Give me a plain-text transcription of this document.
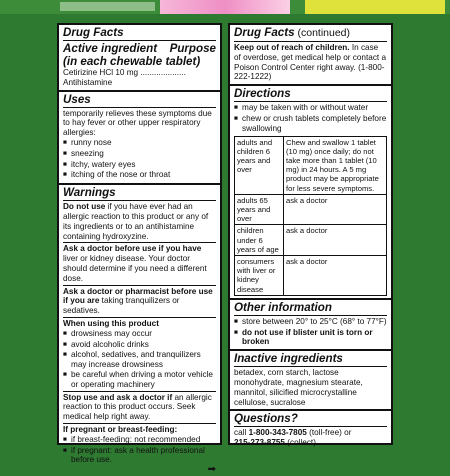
Drug Facts
Active ingredient Purpose
(in each chewable tablet)
Cetirizine HCl 10 mg .................... Antihistamine
Uses

temporarily relieves these symptoms due to hay fever or other upper respiratory allergies:

■
runny nose
■
sneezing
■
itchy, watery eyes
■
itching of the nose or throat
Warnings

Do not use if you have ever had an allergic reaction to this product or any of its ingredients or to an antihistamine containing hydroxyzine.

Ask a doctor before use if you have liver or kidney disease. Your doctor should determine if you need a different dose.

Ask a doctor or pharmacist before use if you are taking tranquilizers or sedatives.

When using this product

■
drowsiness may occur
■
avoid alcoholic drinks
■
alcohol, sedatives, and tranquilizers may increase drowsiness
■
be careful when driving a motor vehicle or operating machinery

Stop use and ask a doctor if an allergic reaction to this product occurs. Seek medical help right away.

If pregnant or breast-feeding:

■
if breast-feeding: not recommended
■
if pregnant: ask a health professional before use.
➡
Drug Facts (continued)

Keep out of reach of children. In case of overdose, get medical help or contact a Poison Control Center right away. (1-800-222-1222)

Directions
■
may be taken with or without water
■
chew or crush tablets completely before swallowing
adults and children 6 years and over	Chew and swallow 1 tablet (10 mg) once daily; do not take more than 1 tablet (10 mg) in 24 hours. A 5 mg product may be appropriate for less severe symptoms.
adults 65 years and over	ask a doctor
children under 6 years of age	ask a doctor
consumers with liver or kidney disease	ask a doctor
Other information
■
store between 20° to 25°C (68° to 77°F)
■
do not use if blister unit is torn or broken
Inactive ingredients

betadex, corn starch, lactose monohydrate, magnesium stearate, mannitol, silicified microcrystalline cellulose, sucralose

Questions?

call 1-800-343-7805 (toll-free) or

215-273-8755 (collect)
